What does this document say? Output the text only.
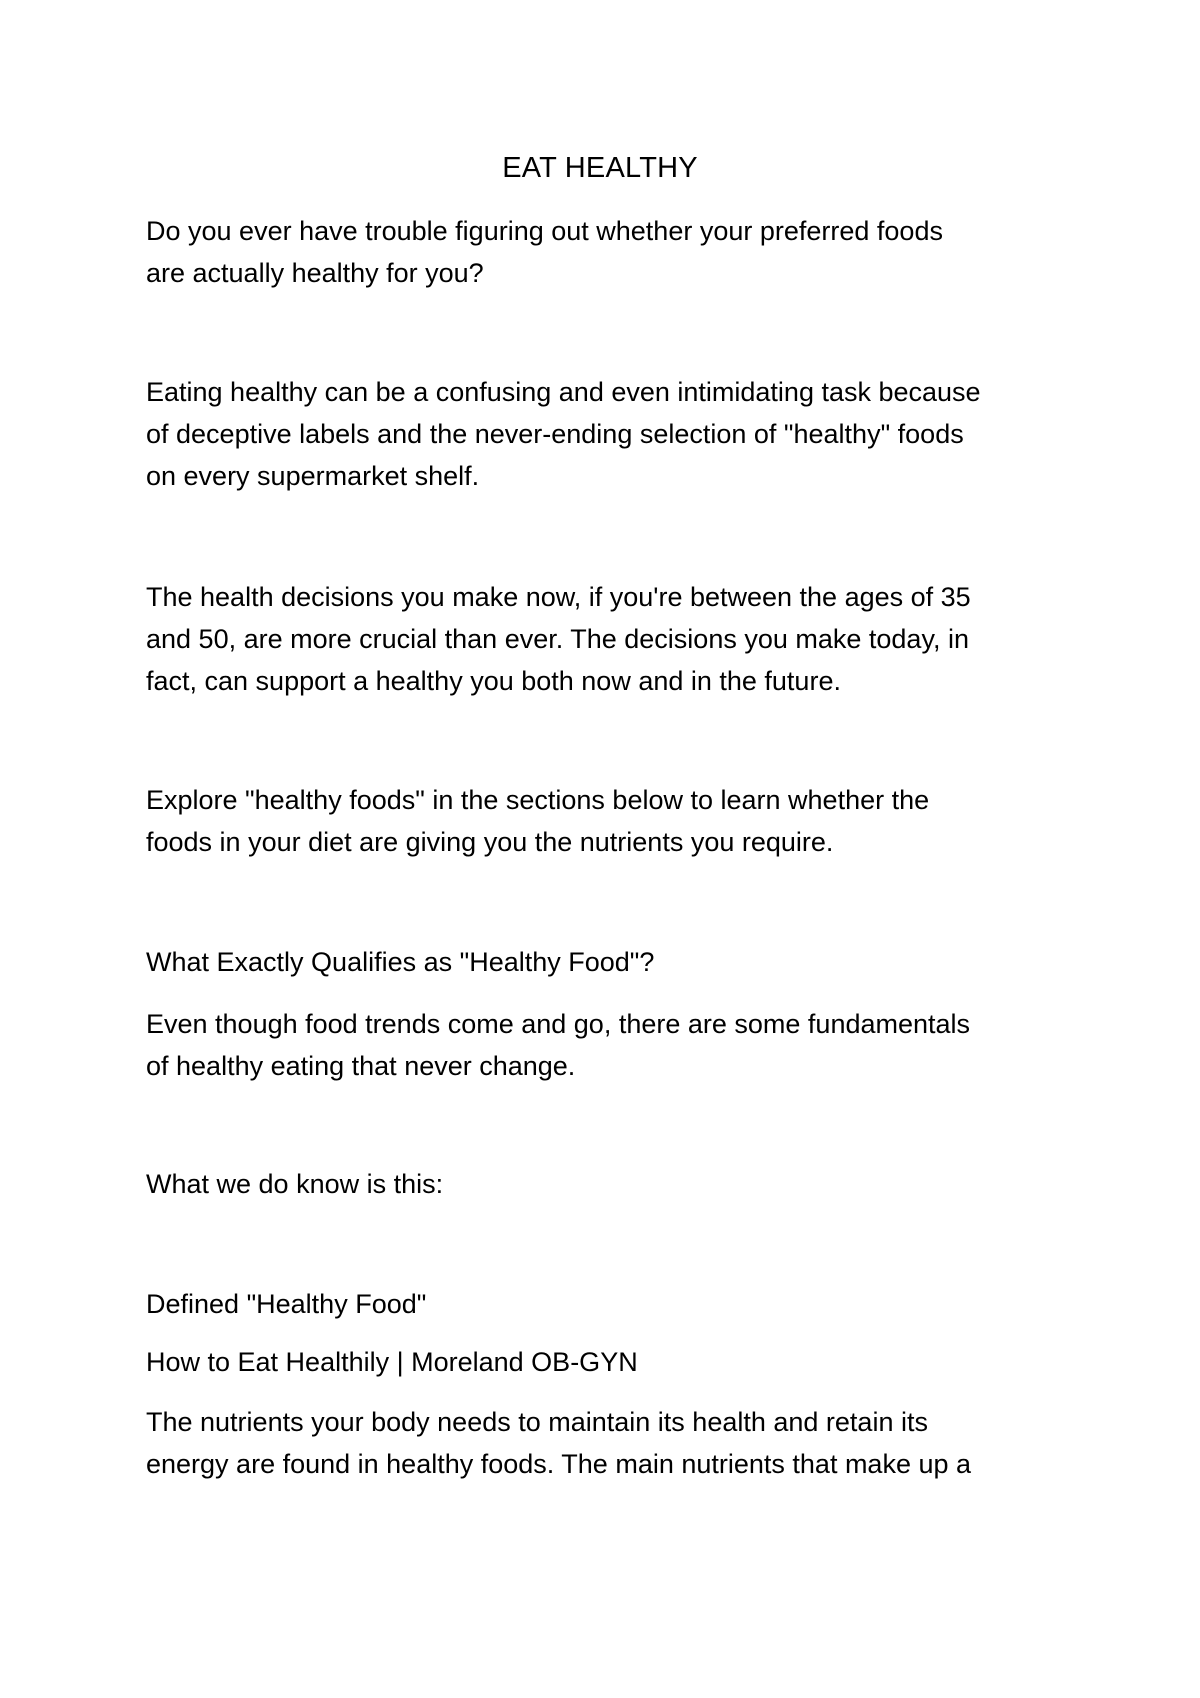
EAT HEALTHY
Do you ever have trouble figuring out whether your preferred foods
are actually healthy for you?
Eating healthy can be a confusing and even intimidating task because
of deceptive labels and the never-ending selection of "healthy" foods
on every supermarket shelf.
The health decisions you make now, if you're between the ages of 35
and 50, are more crucial than ever. The decisions you make today, in
fact, can support a healthy you both now and in the future.
Explore "healthy foods" in the sections below to learn whether the
foods in your diet are giving you the nutrients you require.
What Exactly Qualifies as "Healthy Food"?
Even though food trends come and go, there are some fundamentals
of healthy eating that never change.
What we do know is this:
Defined "Healthy Food"
How to Eat Healthily | Moreland OB-GYN
The nutrients your body needs to maintain its health and retain its
energy are found in healthy foods. The main nutrients that make up a
